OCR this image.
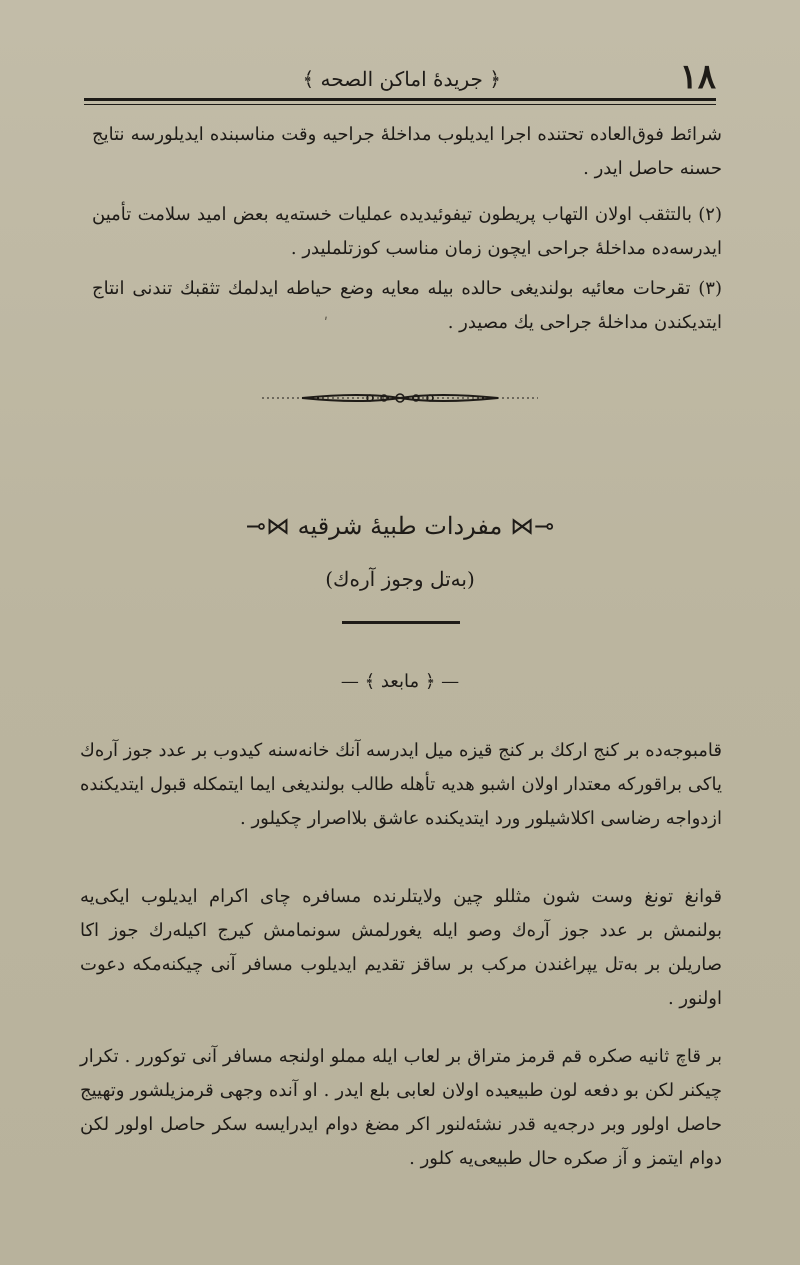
١٨
﴿ جريدهٔ اماكن الصحه ﴾

شرائط فوق‌العاده تحتنده اجرا ایدیلوب مداخلهٔ جراحیه وقت مناسبنده ایدیلورسه نتایج حسنه حاصل ایدر .

(۲) بالتثقب اولان التهاب پریطون تیفوئیدیده عملیات خسته‌یه بعض امید سلامت تأمین ایدرسه‌ده مداخلهٔ جراحی ایچون زمان مناسب کوزتلملیدر .

(۳) تقرحات معائیه بولندیغی حالده بیله معایه وضع حیاطه ایدلمك تثقبك تندنی انتاج ایتدیکندن مداخلهٔ جراحی یك مصیدر .

ʹ
⊸⋈ مفردات طبیهٔ شرقیه ⋈⟜
(بەتل وجوز آره‌ك)
— ﴿ مابعد ﴾ —

قامبوجه‌ده بر کنج ارکك بر کنج قیزه میل ایدرسه آنك خانه‌سنه کیدوب بر عدد جوز آره‌ك یاکی براقورکه معتدار اولان اشبو هدیه تأهله طالب بولندیغی ایما ایتمکله قبول ایتدیکنده ازدواجه رضاسی اکلاشیلور ورد ایتدیکنده عاشق بلااصرار چکیلور .

قوانغ تونغ وست شون مثللو چین ولایتلرنده مسافره چای اکرام ایدیلوب ایکی‌یه بولنمش بر عدد جوز آره‌ك وصو ایله یغورلمش سونمامش کیرج اکیله‌رك جوز اکا صاریلن بر بەتل یپراغندن مرکب بر ساقز تقدیم ایدیلوب مسافر آنی چیکنه‌مکه دعوت اولنور .

بر قاچ ثانیه صکره قم قرمز متراق بر لعاب ایله مملو اولنجه مسافر آنی توکورر . تکرار چیکنر لکن بو دفعه لون طبیعیده اولان لعابی بلع ایدر . او آنده وجهی قرمزیلشور وتهییج حاصل اولور وبر درجه‌یه قدر نشئه‌لنور اکر مضغ دوام ایدرایسه سکر حاصل اولور لکن دوام ایتمز و آز صکره حال طبیعی‌یه کلور .
